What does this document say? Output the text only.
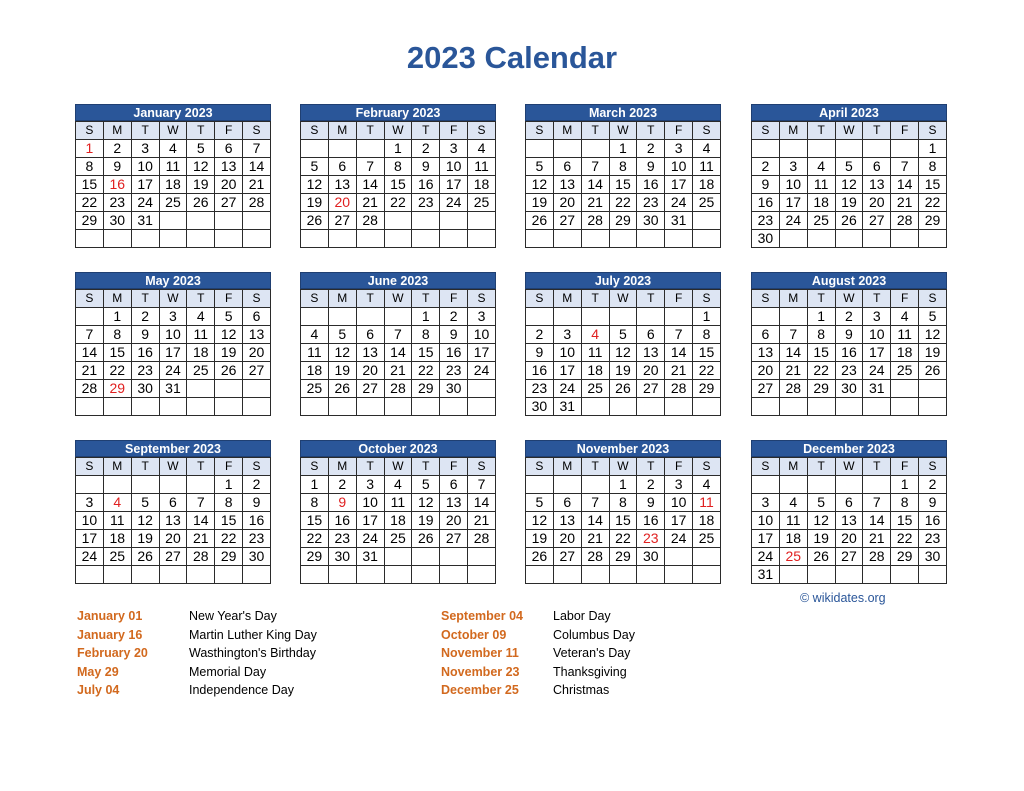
2023 Calendar
January 2023
S	M	T	W	T	F	S
1	2	3	4	5	6	7
8	9	10	11	12	13	14
15	16	17	18	19	20	21
22	23	24	25	26	27	28
29	30	31				

February 2023
S	M	T	W	T	F	S
			1	2	3	4
5	6	7	8	9	10	11
12	13	14	15	16	17	18
19	20	21	22	23	24	25
26	27	28				

March 2023
S	M	T	W	T	F	S
			1	2	3	4
5	6	7	8	9	10	11
12	13	14	15	16	17	18
19	20	21	22	23	24	25
26	27	28	29	30	31	

April 2023
S	M	T	W	T	F	S
						1
2	3	4	5	6	7	8
9	10	11	12	13	14	15
16	17	18	19	20	21	22
23	24	25	26	27	28	29
30						
May 2023
S	M	T	W	T	F	S
	1	2	3	4	5	6
7	8	9	10	11	12	13
14	15	16	17	18	19	20
21	22	23	24	25	26	27
28	29	30	31			

June 2023
S	M	T	W	T	F	S
				1	2	3
4	5	6	7	8	9	10
11	12	13	14	15	16	17
18	19	20	21	22	23	24
25	26	27	28	29	30	

July 2023
S	M	T	W	T	F	S
						1
2	3	4	5	6	7	8
9	10	11	12	13	14	15
16	17	18	19	20	21	22
23	24	25	26	27	28	29
30	31					
August 2023
S	M	T	W	T	F	S
		1	2	3	4	5
6	7	8	9	10	11	12
13	14	15	16	17	18	19
20	21	22	23	24	25	26
27	28	29	30	31		

September 2023
S	M	T	W	T	F	S
					1	2
3	4	5	6	7	8	9
10	11	12	13	14	15	16
17	18	19	20	21	22	23
24	25	26	27	28	29	30

October 2023
S	M	T	W	T	F	S
1	2	3	4	5	6	7
8	9	10	11	12	13	14
15	16	17	18	19	20	21
22	23	24	25	26	27	28
29	30	31				

November 2023
S	M	T	W	T	F	S
			1	2	3	4
5	6	7	8	9	10	11
12	13	14	15	16	17	18
19	20	21	22	23	24	25
26	27	28	29	30		

December 2023
S	M	T	W	T	F	S
					1	2
3	4	5	6	7	8	9
10	11	12	13	14	15	16
17	18	19	20	21	22	23
24	25	26	27	28	29	30
31						
© wikidates.org
January 01	New Year's Day
January 16	Martin Luther King Day
February 20	Wasthington's Birthday
May 29	Memorial Day
July 04	Independence Day
September 04 Labor Day
October 09	Columbus Day
November 11	Veteran's Day
November 23	Thanksgiving
December 25	Christmas
